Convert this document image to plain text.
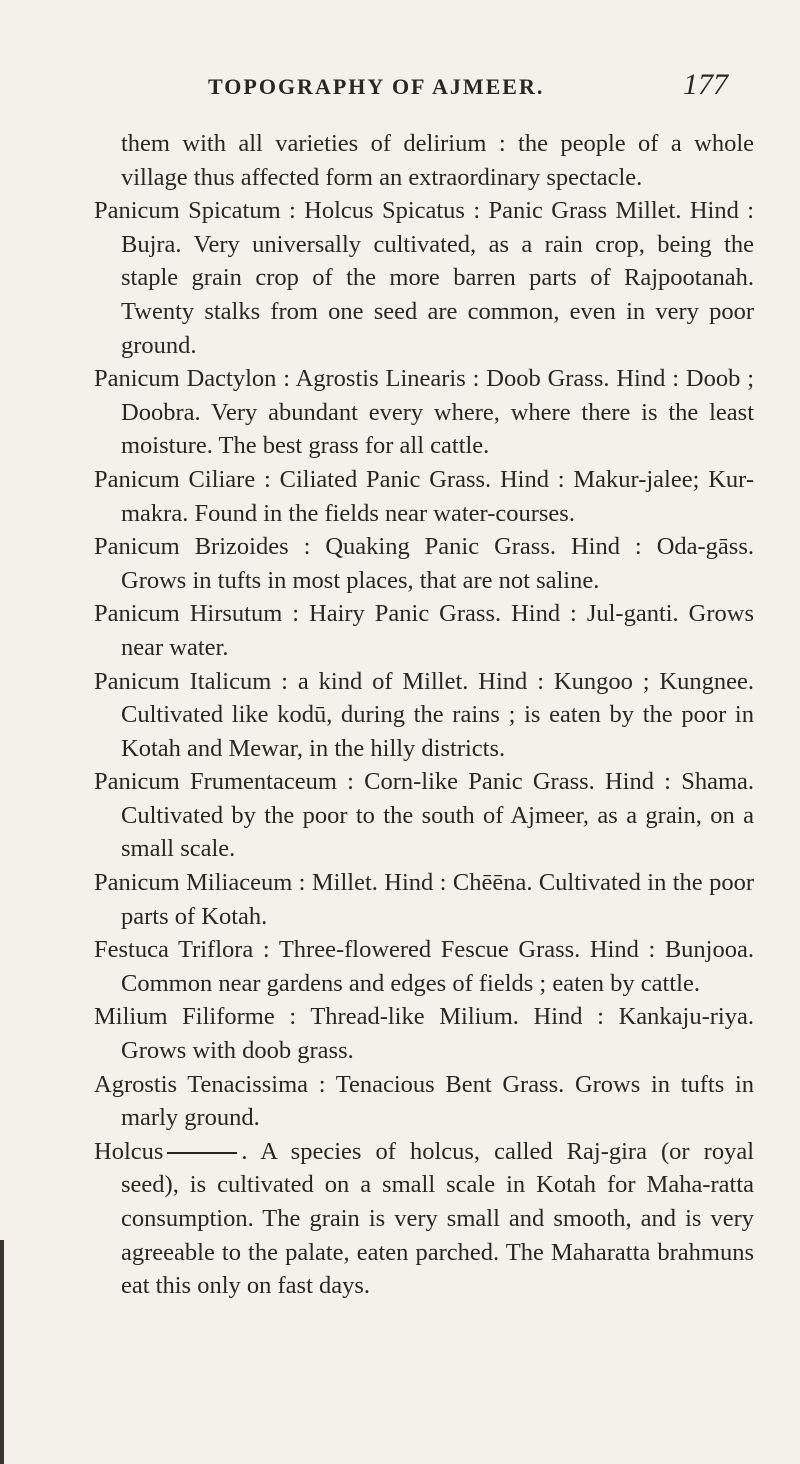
TOPOGRAPHY OF AJMEER.	177

them with all varieties of delirium : the people of a whole village thus affected form an extraordinary spectacle.

Panicum Spicatum : Holcus Spicatus : Panic Grass Millet. Hind : Bujra. Very universally cultivated, as a rain crop, being the staple grain crop of the more barren parts of Rajpootanah. Twenty stalks from one seed are common, even in very poor ground.

Panicum Dactylon : Agrostis Linearis : Doob Grass. Hind : Doob ; Doobra. Very abundant every where, where there is the least moisture. The best grass for all cattle.

Panicum Ciliare : Ciliated Panic Grass. Hind : Makur-jalee; Kur-makra. Found in the fields near water-courses.

Panicum Brizoides : Quaking Panic Grass. Hind : Oda-gāss. Grows in tufts in most places, that are not saline.

Panicum Hirsutum : Hairy Panic Grass. Hind : Jul-ganti. Grows near water.

Panicum Italicum : a kind of Millet. Hind : Kungoo ; Kungnee. Cultivated like kodū, during the rains ; is eaten by the poor in Kotah and Mewar, in the hilly districts.

Panicum Frumentaceum : Corn-like Panic Grass. Hind : Shama. Cultivated by the poor to the south of Ajmeer, as a grain, on a small scale.

Panicum Miliaceum : Millet. Hind : Chēēna. Cultivated in the poor parts of Kotah.

Festuca Triflora : Three-flowered Fescue Grass. Hind : Bunjooa. Common near gardens and edges of fields ; eaten by cattle.

Milium Filiforme : Thread-like Milium. Hind : Kankaju-riya. Grows with doob grass.

Agrostis Tenacissima : Tenacious Bent Grass. Grows in tufts in marly ground.

Holcus	. A species of holcus, called Raj-gira (or royal seed), is cultivated on a small scale in Kotah for Maha-ratta consumption. The grain is very small and smooth, and is very agreeable to the palate, eaten parched. The Maharatta brahmuns eat this only on fast days.
